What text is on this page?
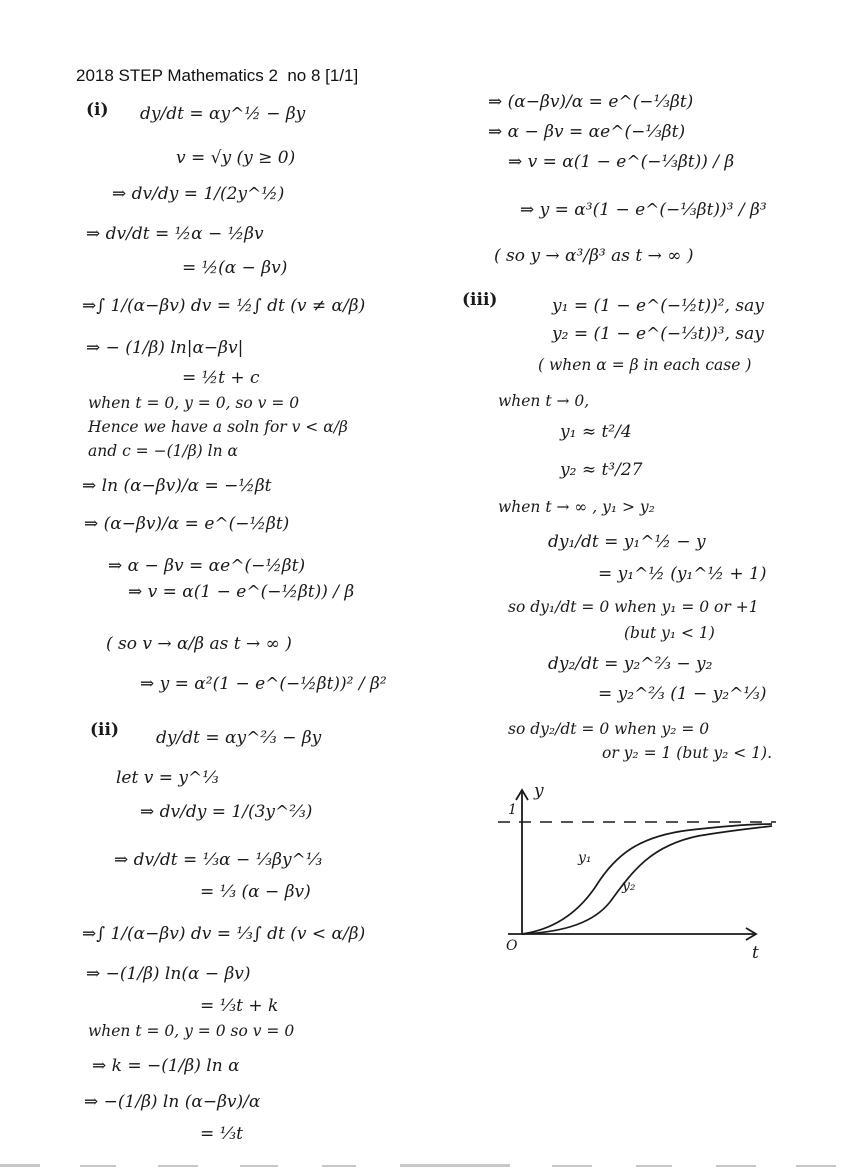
2018 STEP Mathematics 2  no 8 [1/1]
(i) dy/dt = αy^½ − βy
v = √y (y ≥ 0)
⇒ dv/dy = 1/(2y^½)
⇒ dv/dt = ½α − ½βv
= ½(α − βv)
⇒∫ 1/(α−βv) dv = ½∫ dt (v ≠ α/β)
⇒ − (1/β) ln|α−βv|
= ½t + c
when t = 0, y = 0, so v = 0
Hence we have a soln for v < α/β
and c = −(1/β) ln α
⇒ ln (α−βv)/α = −½βt
⇒ (α−βv)/α = e^(−½βt)
⇒ α − βv = αe^(−½βt)
⇒ v = α(1 − e^(−½βt)) / β
( so v → α/β as t → ∞ )
⇒ y = α²(1 − e^(−½βt))² / β²
(ii) dy/dt = αy^⅔ − βy
let v = y^⅓
⇒ dv/dy = 1/(3y^⅔)
⇒ dv/dt = ⅓α − ⅓βy^⅓
= ⅓ (α − βv)
⇒∫ 1/(α−βv) dv = ⅓∫ dt (v < α/β)
⇒ −(1/β) ln(α − βv)
= ⅓t + k
when t = 0, y = 0 so v = 0
⇒ k = −(1/β) ln α
⇒ −(1/β) ln (α−βv)/α
= ⅓t
⇒ (α−βv)/α = e^(−⅓βt)
⇒ α − βv = αe^(−⅓βt)
⇒ v = α(1 − e^(−⅓βt)) / β
⇒ y = α³(1 − e^(−⅓βt))³ / β³
( so y → α³/β³ as t → ∞ )
(iii)	y₁ = (1 − e^(−½t))², say
y₂ = (1 − e^(−⅓t))³, say
( when α = β in each case )
when t → 0,
y₁ ≈ t²/4
y₂ ≈ t³/27
when t → ∞ , y₁ > y₂
dy₁/dt = y₁^½ − y
= y₁^½ (y₁^½ + 1)
so dy₁/dt = 0 when y₁ = 0 or +1
(but y₁ < 1)
dy₂/dt = y₂^⅔ − y₂
= y₂^⅔ (1 − y₂^⅓)
so dy₂/dt = 0 when y₂ = 0
or y₂ = 1 (but y₂ < 1).
y
1
O	t
y₁
y₂
